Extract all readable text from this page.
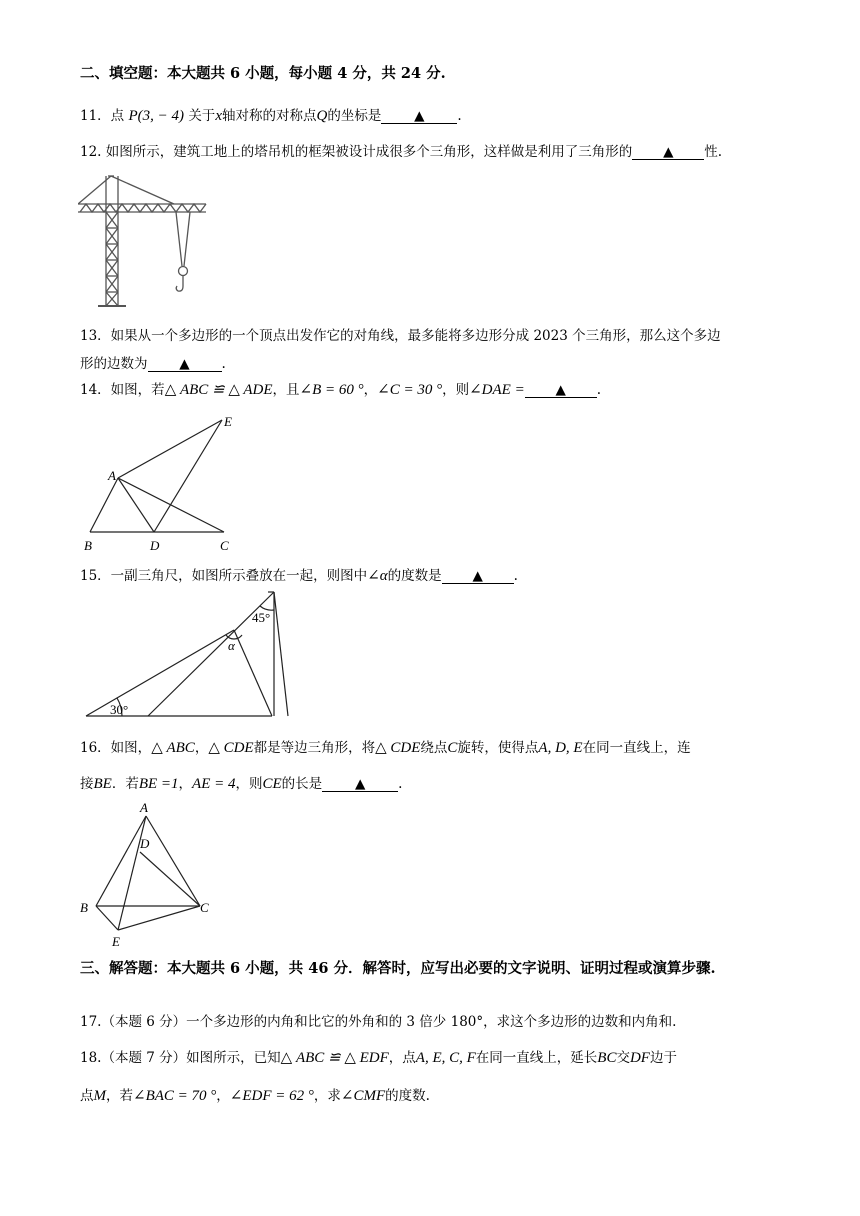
二、填空题：本大题共 6 小题，每小题 4 分，共 24 分.
11．点 P(3, − 4) 关于x轴对称的对称点Q的坐标是 ▲ .
12. 如图所示，建筑工地上的塔吊机的框架被设计成很多个三角形，这样做是利用了三角形的 ▲ 性.
13．如果从一个多边形的一个顶点出发作它的对角线，最多能将多边形分成 2023 个三角形，那么这个多边
形的边数为 ▲ .
14．如图，若△ ABC ≌ △ ADE，且∠B = 60 °，∠C = 30 °，则∠DAE = ▲ .
A
B	D	C
E
15．一副三角尺，如图所示叠放在一起，则图中∠α的度数是 ▲ .
30°
α
45°
16．如图，△ ABC，△ CDE都是等边三角形，将△ CDE绕点C旋转，使得点A, D, E在同一直线上，连
接BE．若BE =1，AE = 4，则CE的长是 ▲ .
A
D
B	C
E
三、解答题：本大题共 6 小题，共 46 分．解答时，应写出必要的文字说明、证明过程或演算步骤.
17.（本题 6 分）一个多边形的内角和比它的外角和的 3 倍少 180°，求这个多边形的边数和内角和.
18.（本题 7 分）如图所示，已知△ ABC ≌ △ EDF，点A, E, C, F在同一直线上，延长BC交DF边于
点M，若∠BAC = 70 °，∠EDF = 62 °，求∠CMF的度数.
